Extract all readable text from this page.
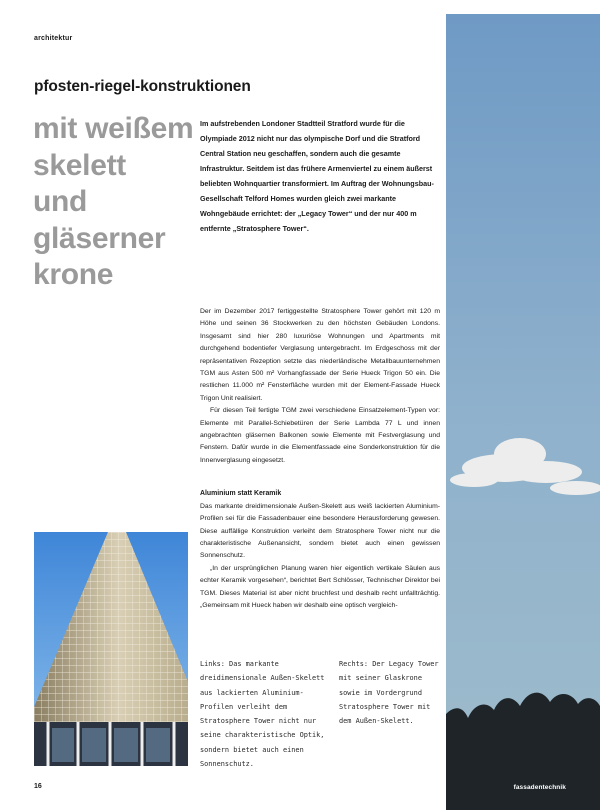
architektur
pfosten-riegel-konstruktionen
mit weißem
skelett
und
gläserner
krone
Im aufstrebenden Londoner Stadtteil Stratford wurde für die Olympiade 2012 nicht nur das olympische Dorf und die Stratford Central Station neu geschaffen, sondern auch die gesamte Infrastruktur. Seitdem ist das frühere Armenviertel zu einem äußerst beliebten Wohnquartier transformiert. Im Auftrag der Wohnungsbau-Gesellschaft Telford Homes wurden gleich zwei markante Wohngebäude errichtet: der „Legacy Tower“ und der nur 400 m entfernte „Stratosphere Tower“.

Der im Dezember 2017 fertiggestellte Stratosphere Tower gehört mit 120 m Höhe und seinen 36 Stockwerken zu den höchsten Gebäuden Londons. Insgesamt sind hier 280 luxuriöse Wohnungen und Apartments mit durchgehend bodentiefer Verglasung untergebracht. Im Erdgeschoss mit der repräsentativen Rezeption setzte das niederländische Metallbauunternehmen TGM aus Asten 500 m² Vorhangfassade der Serie Hueck Trigon 50 ein. Die restlichen 11.000 m² Fensterfläche wurden mit der Element-Fassade Hueck Trigon Unit realisiert.

Für diesen Teil fertigte TGM zwei verschiedene Einsatzelement-Typen vor: Elemente mit Parallel-Schiebetüren der Serie Lambda 77 L und innen angebrachten gläsernen Balkonen sowie Elemente mit Festverglasung und Fenstern. Dafür wurde in die Elementfassade eine Sonderkonstruktion für die Innenverglasung eingesetzt.

Aluminium statt Keramik

Das markante dreidimensionale Außen-Skelett aus weiß lackierten Aluminium-Profilen sei für die Fassadenbauer eine besondere Herausforderung gewesen. Diese auffällige Konstruktion verleiht dem Stratosphere Tower nicht nur die charakteristische Außenansicht, sondern bietet auch einen gewissen Sonnenschutz.

„In der ursprünglichen Planung waren hier eigentlich vertikale Säulen aus echter Keramik vorgesehen“, berichtet Bert Schlösser, Technischer Direktor bei TGM. Dieses Material ist aber nicht bruchfest und deshalb recht unfallträchtig. „Gemeinsam mit Hueck haben wir deshalb eine optisch vergleich-

Links: Das markante dreidimensionale Außen-Skelett aus lackierten Aluminium-Profilen verleiht dem Stratosphere Tower nicht nur seine charakteristische Optik, sondern bietet auch einen Sonnenschutz.
Rechts: Der Legacy Tower mit seiner Glaskrone sowie im Vordergrund Stratosphere Tower mit dem Außen-Skelett.
16	fassadentechnik
